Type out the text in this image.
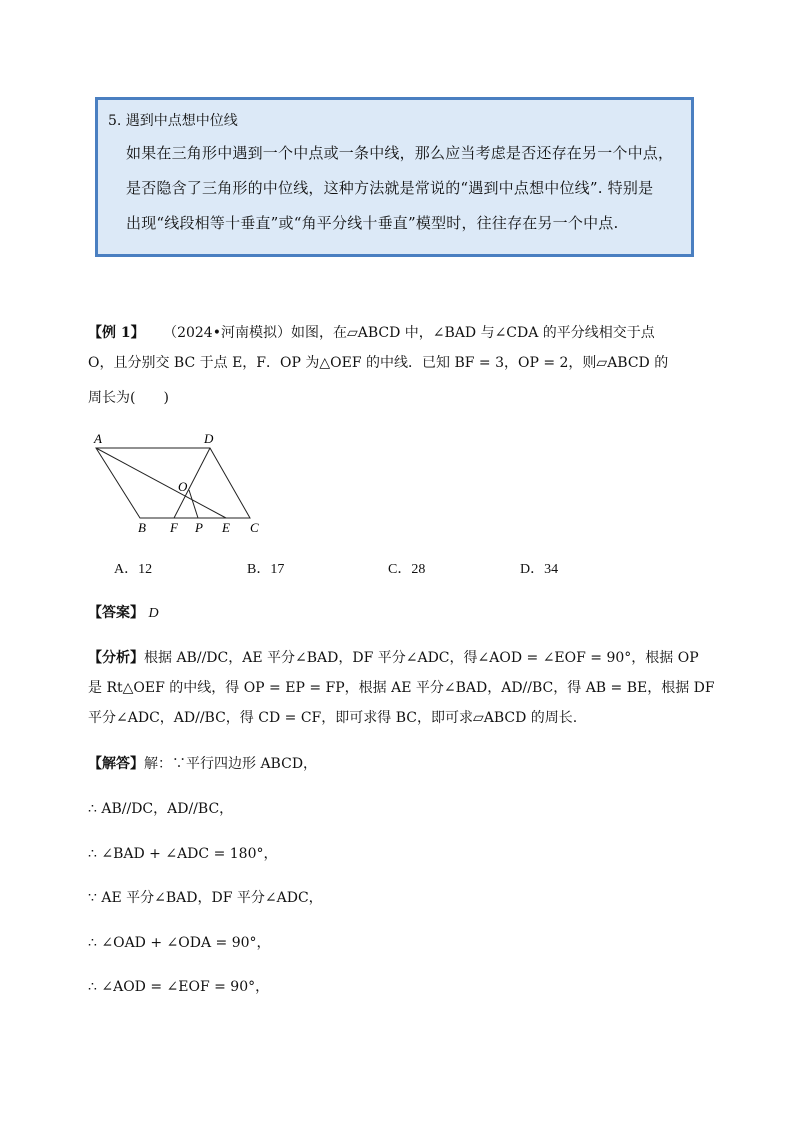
5. 遇到中点想中位线
如果在三角形中遇到一个中点或一条中线，那么应当考虑是否还存在另一个中点，
是否隐含了三角形的中位线，这种方法就是常说的“遇到中点想中位线”. 特别是
出现“线段相等十垂直”或“角平分线十垂直”模型时，往往存在另一个中点.
【例 1】 （2024•河南模拟）如图，在▱ABCD 中，∠BAD 与∠CDA 的平分线相交于点
O，且分别交 BC 于点 E，F．OP 为△OEF 的中线．已知 BF = 3，OP = 2，则▱ABCD 的
周长为(　　)
A	D
O
B F P E C
A．12	B．17	C．28	D．34
【答案】 D
【分析】根据 AB//DC，AE 平分∠BAD，DF 平分∠ADC，得∠AOD = ∠EOF = 90°，根据 OP
是 Rt△OEF 的中线，得 OP = EP = FP，根据 AE 平分∠BAD，AD//BC，得 AB = BE，根据 DF
平分∠ADC，AD//BC，得 CD = CF，即可求得 BC，即可求▱ABCD 的周长.
【解答】解：∵平行四边形 ABCD，
∴ AB//DC，AD//BC，
∴ ∠BAD + ∠ADC = 180°，
∵ AE 平分∠BAD，DF 平分∠ADC，
∴ ∠OAD + ∠ODA = 90°，
∴ ∠AOD = ∠EOF = 90°，
